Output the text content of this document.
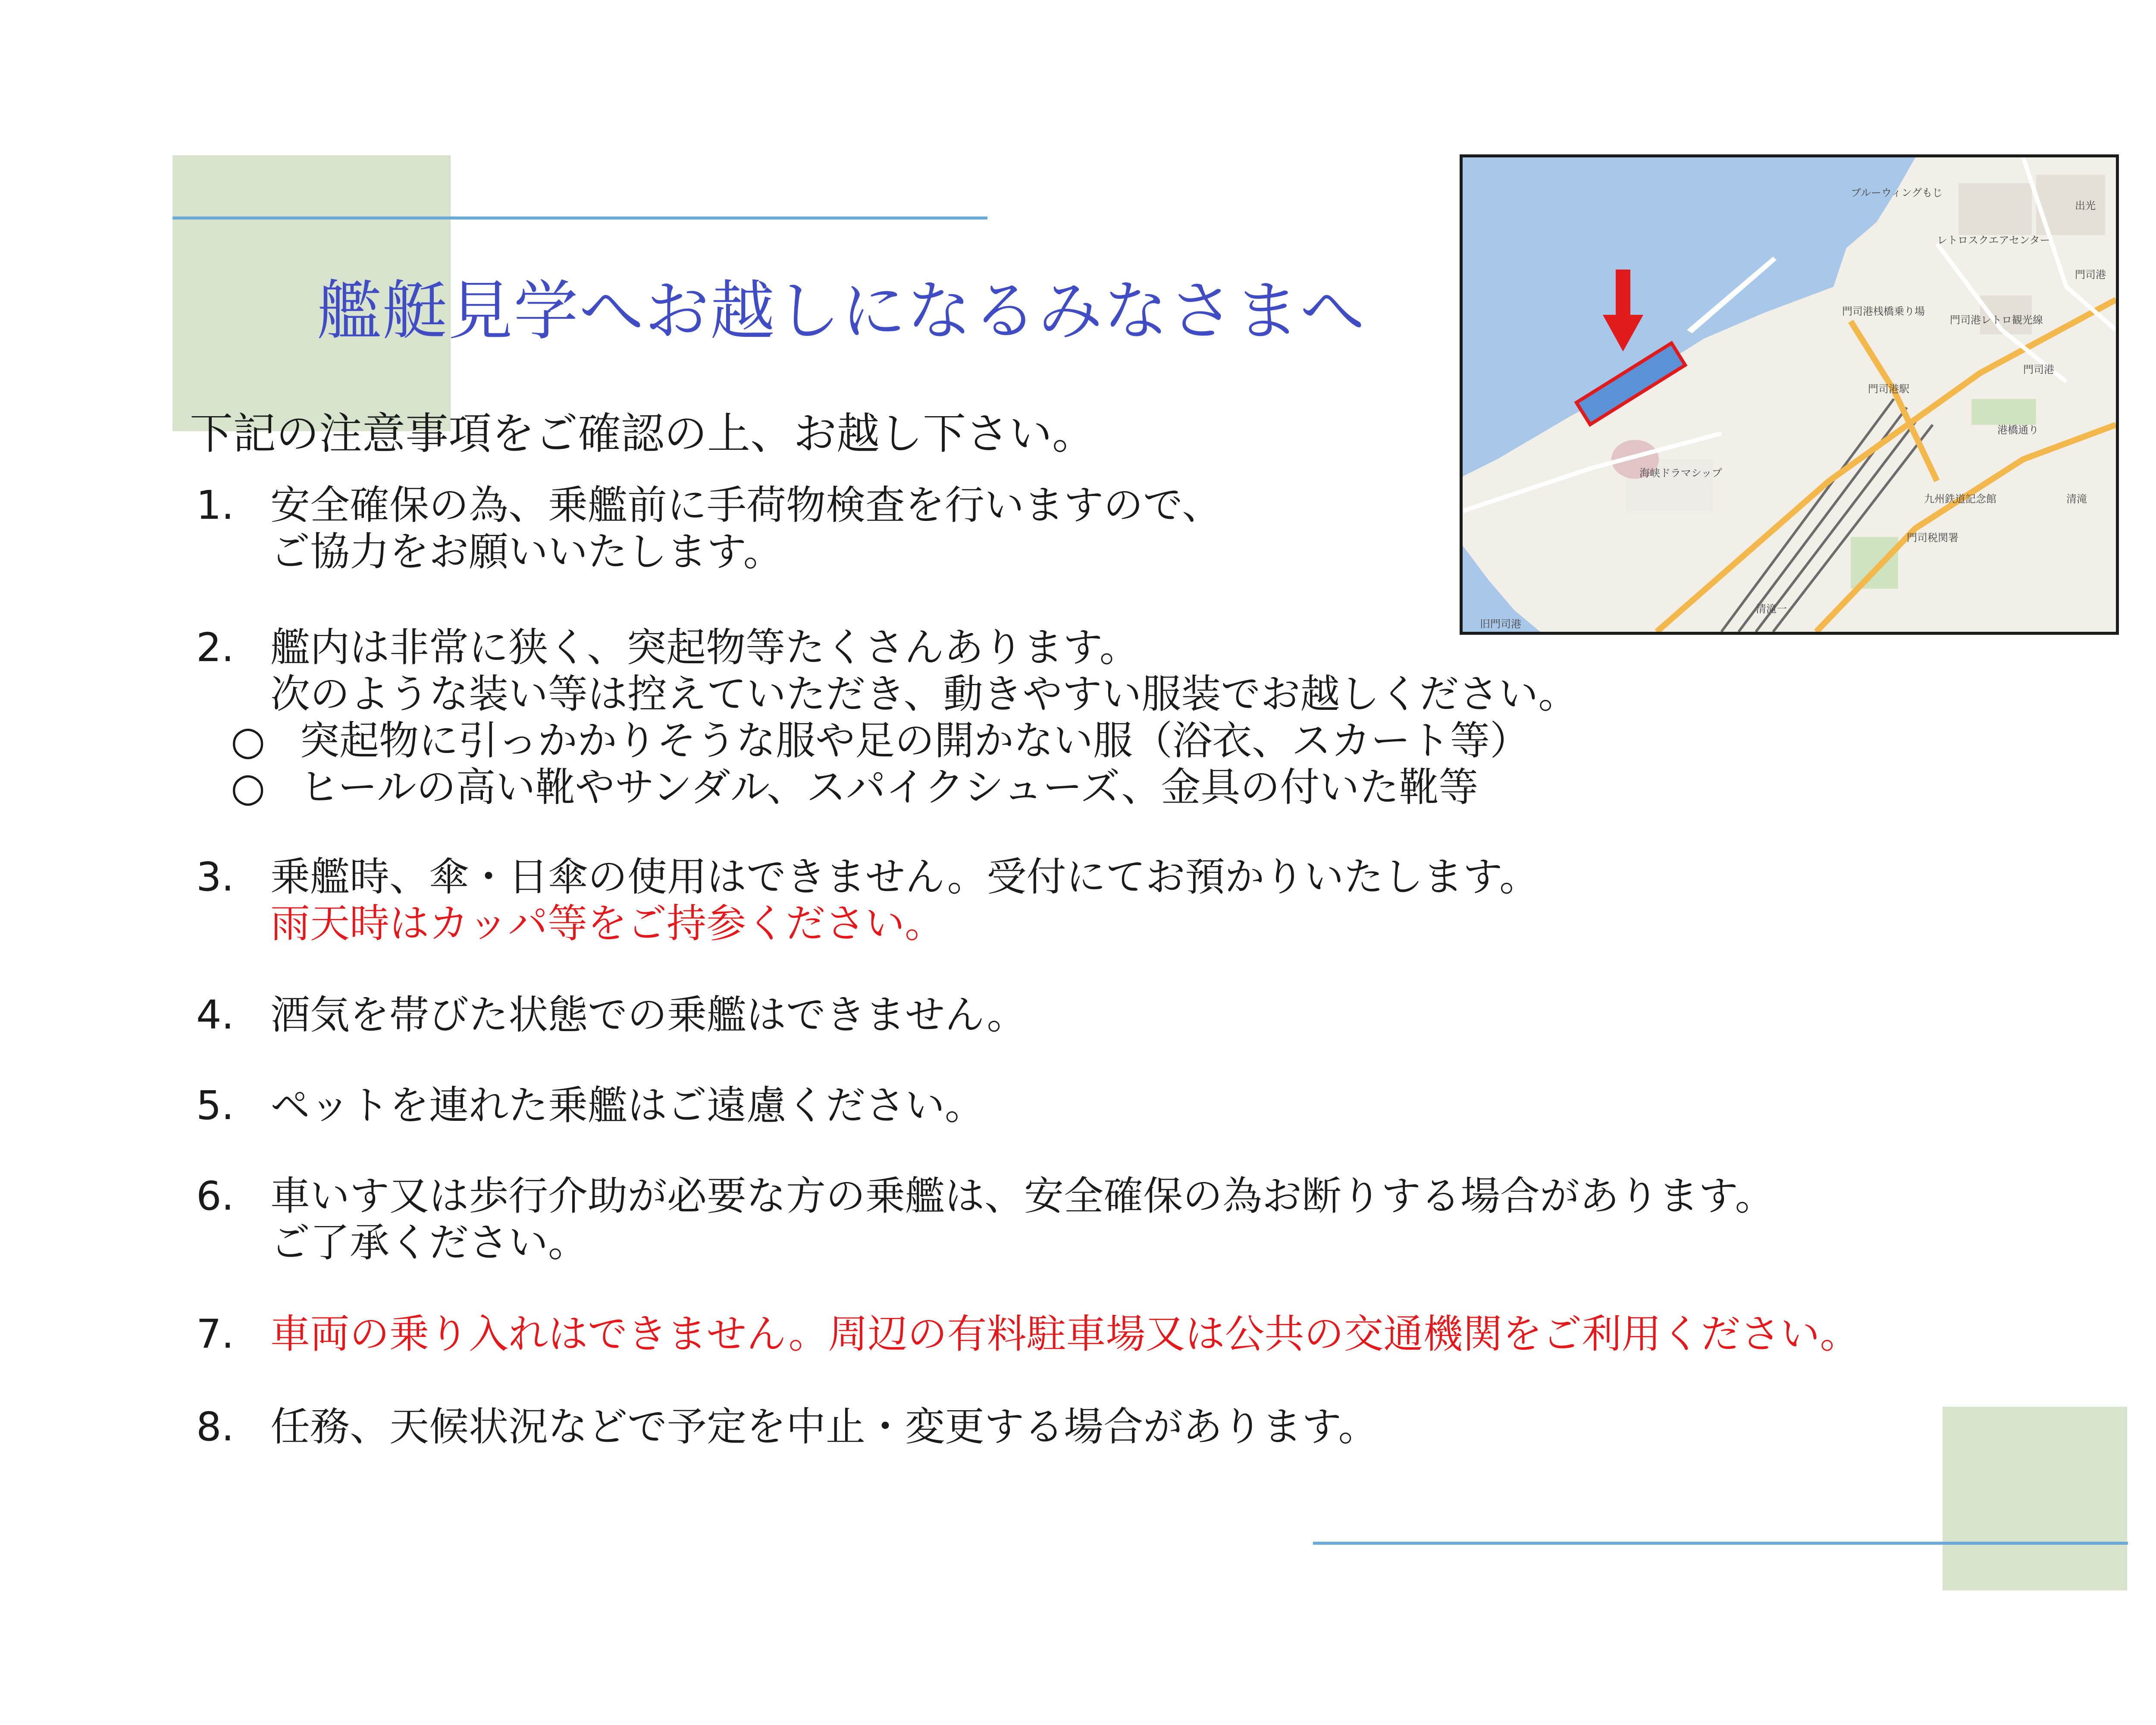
艦艇見学へお越しになるみなさまへ
下記の注意事項をご確認の上、お越し下さい。
1. 安全確保の為、乗艦前に手荷物検査を行いますので、
ご協力をお願いいたします。
2. 艦内は非常に狭く、突起物等たくさんあります。
次のような装い等は控えていただき、動きやすい服装でお越しください。
○ 突起物に引っかかりそうな服や足の開かない服（浴衣、スカート等）
○ ヒールの高い靴やサンダル、スパイクシューズ、金具の付いた靴等
3. 乗艦時、傘・日傘の使用はできません。受付にてお預かりいたします。
雨天時はカッパ等をご持参ください。
4. 酒気を帯びた状態での乗艦はできません。
5. ペットを連れた乗艦はご遠慮ください。
6. 車いす又は歩行介助が必要な方の乗艦は、安全確保の為お断りする場合があります。
ご了承ください。
7. 車両の乗り入れはできません。周辺の有料駐車場又は公共の交通機関をご利用ください。
8. 任務、天候状況などで予定を中止・変更する場合があります。
ブルーウィングもじ
出光
レトロスクエアセンター
門司港
門司港桟橋乗り場
門司港レトロ観光線
門司港駅
海峡ドラマシップ
九州鉄道記念館
門司税関署
清滝
港橋通り
門司港
清滝一
旧門司港
